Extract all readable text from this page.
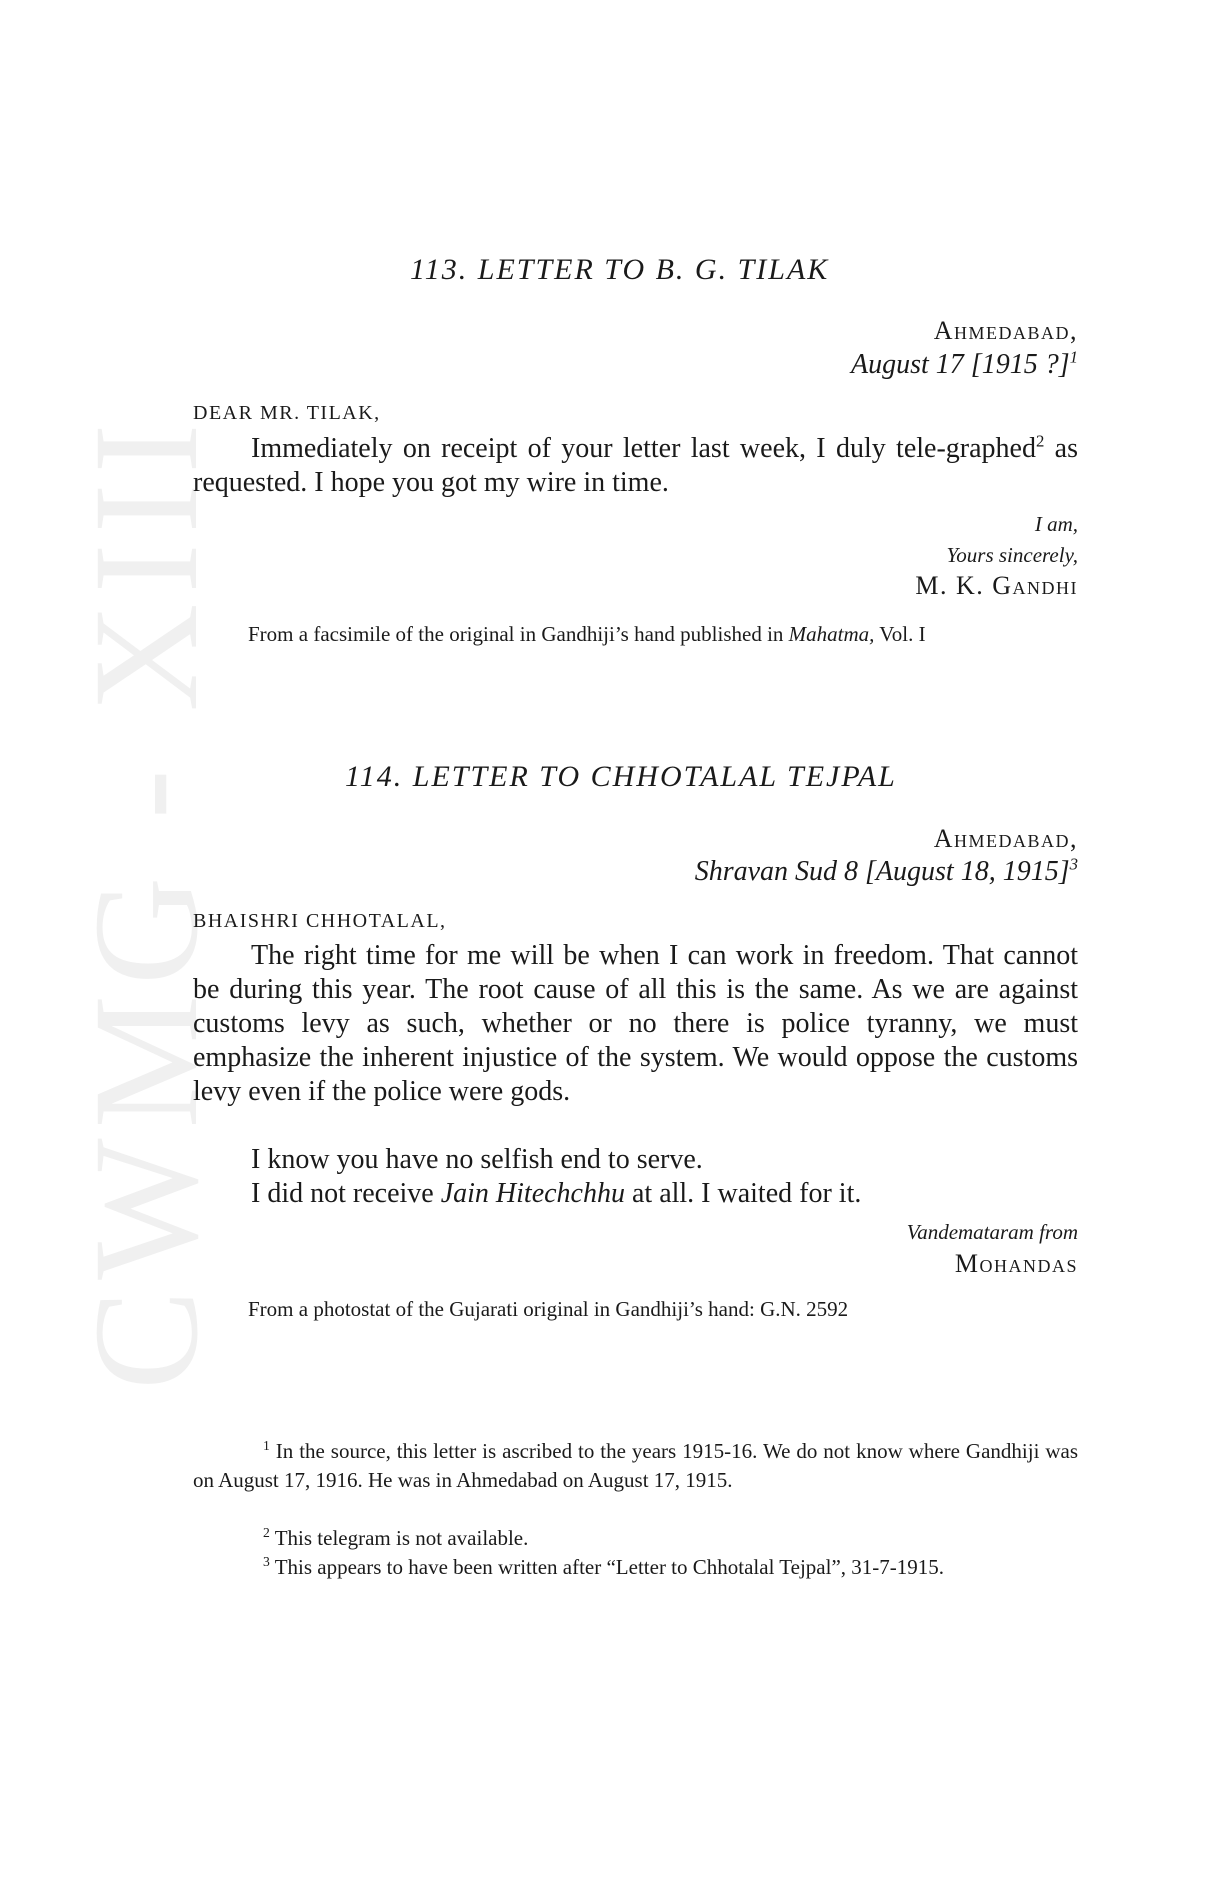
CWMG - XIII
113. LETTER TO B. G. TILAK
Ahmedabad,
August 17 [1915 ?]$^1$
DEAR MR. TILAK,
Immediately on receipt of your letter last week, I duly tele-graphed$^2$ as requested. I hope you got my wire in time.
I am,
Yours sincerely,
M. K. Gandhi
From a facsimile of the original in Gandhiji’s hand published in Mahatma, Vol. I
114. LETTER TO CHHOTALAL TEJPAL
Ahmedabad,
Shravan Sud 8 [August 18, 1915]$^3$
BHAISHRI CHHOTALAL,
The right time for me will be when I can work in freedom. That cannot be during this year. The root cause of all this is the same. As we are against customs levy as such, whether or no there is police tyranny, we must emphasize the inherent injustice of the system. We would oppose the customs levy even if the police were gods.
I know you have no selfish end to serve.
I did not receive Jain Hitechchhu at all. I waited for it.
Vandemataram from
Mohandas
From a photostat of the Gujarati original in Gandhiji’s hand: G.N. 2592
$^1$ In the source, this letter is ascribed to the years 1915-16. We do not know where Gandhiji was on August 17, 1916. He was in Ahmedabad on August 17, 1915.
$^2$ This telegram is not available.
$^3$ This appears to have been written after “Letter to Chhotalal Tejpal”, 31-7-1915.
